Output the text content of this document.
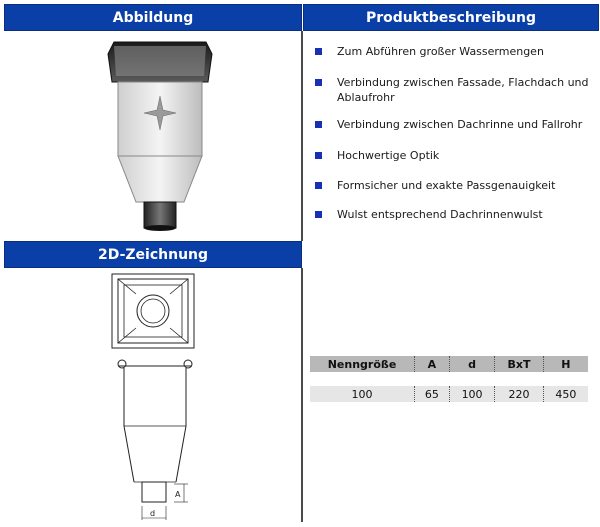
Abbildung	Produktbeschreibung
2D-Zeichnung
Zum Abführen großer Wassermengen
Verbindung zwischen Fassade, Flachdach und Ablaufrohr
Verbindung zwischen Dachrinne und Fallrohr
Hochwertige Optik
Formsicher und exakte Passgenauigkeit
Wulst entsprechend Dachrinnenwulst
Nenngröße	A	d	BxT	H

100	65	100	220	450
A
d
